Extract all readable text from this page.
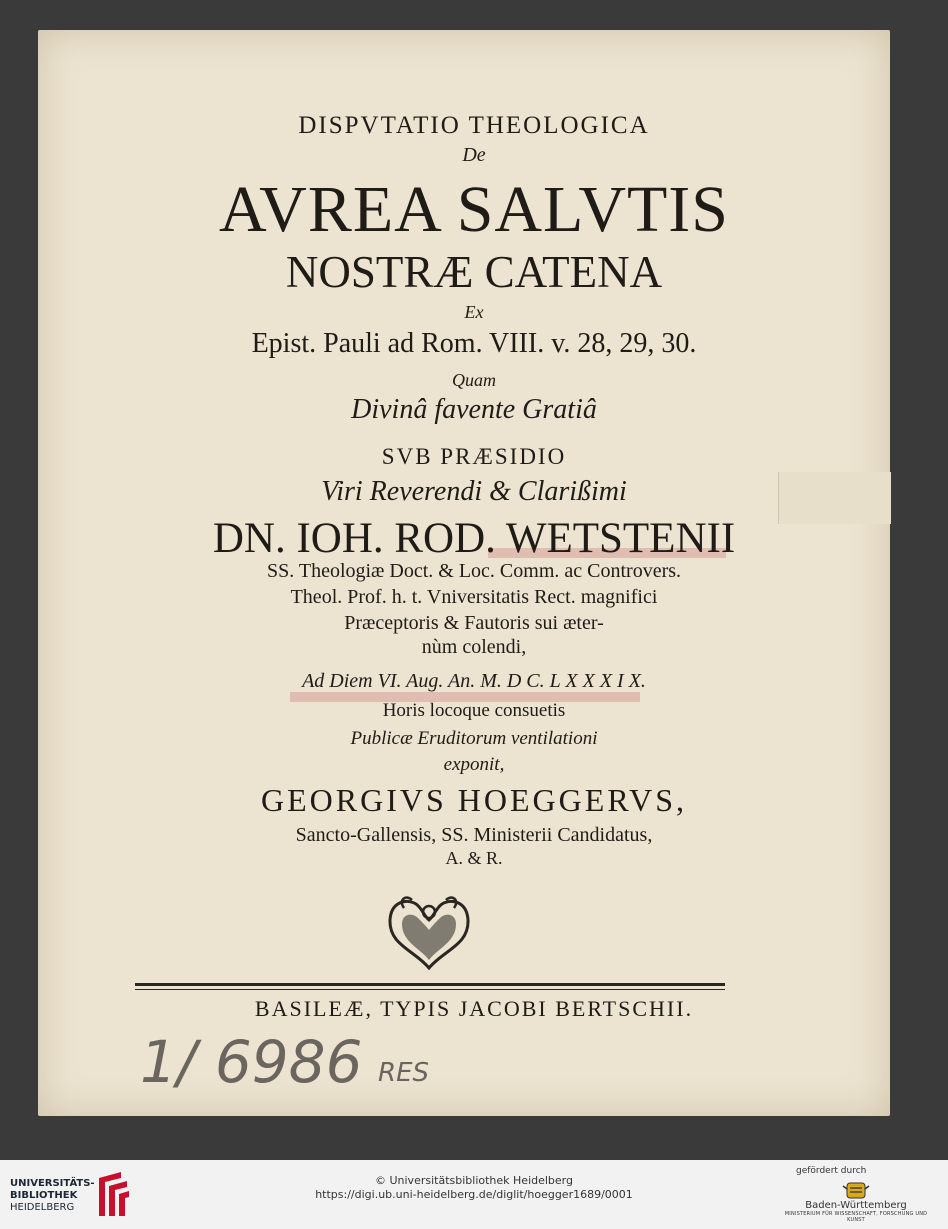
DISPVTATIO THEOLOGICA
De
AVREA SALVTIS
NOSTRÆ CATENA
Ex
Epist. Pauli ad Rom. VIII. v. 28, 29, 30.
Quam
Divinâ favente Gratiâ
SVB PRÆSIDIO
Viri Reverendi & Clarißimi
DN. IOH. ROD. WETSTENII
SS. Theologiæ Doct. & Loc. Comm. ac Controvers.
Theol. Prof. h. t. Vniversitatis Rect. magnifici
Præceptoris & Fautoris sui æter-
nùm colendi,
Ad Diem VI. Aug. An. M. D C. L X X X I X.
Horis locoque consuetis
Publicæ Eruditorum ventilationi
exponit,
GEORGIVS HOEGGERVS,
Sancto-Gallensis, SS. Ministerii Candidatus,
A. & R.
BASILEÆ, TYPIS JACOBI BERTSCHII.
1/ 6986 RES
UNIVERSITÄTS-
BIBLIOTHEK
HEIDELBERG
gefördert durch
Baden-Württemberg
MINISTERIUM FÜR WISSENSCHAFT, FORSCHUNG UND KUNST
© Universitätsbibliothek Heidelberg
https://digi.ub.uni-heidelberg.de/diglit/hoegger1689/0001
